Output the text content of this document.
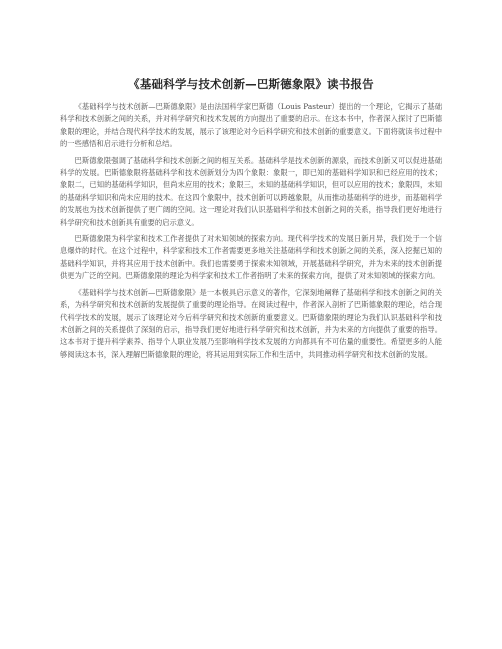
《基础科学与技术创新—巴斯德象限》读书报告

《基础科学与技术创新—巴斯德象限》是由法国科学家巴斯德（Louis Pasteur）提出的一个理论，它揭示了基础科学和技术创新之间的关系，并对科学研究和技术发展的方向提出了重要的启示。在这本书中，作者深入探讨了巴斯德象限的理论，并结合现代科学技术的发展，展示了该理论对今后科学研究和技术创新的重要意义。下面将就读书过程中的一些感悟和启示进行分析和总结。

巴斯德象限强调了基础科学和技术创新之间的相互关系。基础科学是技术创新的源泉，而技术创新又可以促进基础科学的发展。巴斯德象限将基础科学和技术创新划分为四个象限：象限一，即已知的基础科学知识和已经应用的技术；象限二，已知的基础科学知识，但尚未应用的技术；象限三，未知的基础科学知识，但可以应用的技术；象限四，未知的基础科学知识和尚未应用的技术。在这四个象限中，技术创新可以跨越象限，从而推动基础科学的进步，而基础科学的发展也为技术创新提供了更广阔的空间。这一理论对我们认识基础科学和技术创新之间的关系，指导我们更好地进行科学研究和技术创新具有重要的启示意义。

巴斯德象限为科学家和技术工作者提供了对未知领域的探索方向。现代科学技术的发展日新月异，我们处于一个信息爆炸的时代。在这个过程中，科学家和技术工作者需要更多地关注基础科学和技术创新之间的关系，深入挖掘已知的基础科学知识，并将其应用于技术创新中。我们也需要勇于探索未知领域，开展基础科学研究，并为未来的技术创新提供更为广泛的空间。巴斯德象限的理论为科学家和技术工作者指明了未来的探索方向，提供了对未知领域的探索方向。

《基础科学与技术创新—巴斯德象限》是一本极具启示意义的著作，它深刻地阐释了基础科学和技术创新之间的关系，为科学研究和技术创新的发展提供了重要的理论指导。在阅读过程中，作者深入剖析了巴斯德象限的理论，结合现代科学技术的发展，展示了该理论对今后科学研究和技术创新的重要意义。巴斯德象限的理论为我们认识基础科学和技术创新之间的关系提供了深刻的启示，指导我们更好地进行科学研究和技术创新，并为未来的方向提供了重要的指导。这本书对于提升科学素养、指导个人职业发展乃至影响科学技术发展的方向都具有不可估量的重要性。希望更多的人能够阅读这本书，深入理解巴斯德象限的理论，将其运用到实际工作和生活中，共同推动科学研究和技术创新的发展。
